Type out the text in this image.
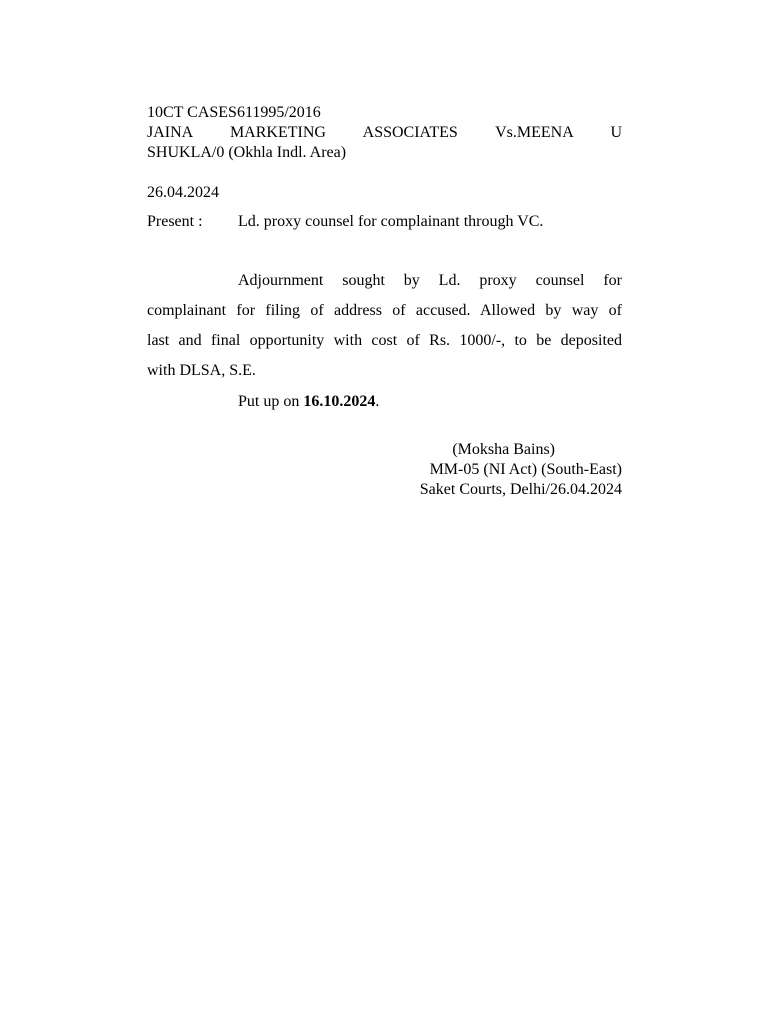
10CT CASES611995/2016
JAINA MARKETING ASSOCIATES Vs.MEENA U
SHUKLA/0 (Okhla Indl. Area)
26.04.2024
Present : Ld. proxy counsel for complainant through VC.
Adjournment sought by Ld. proxy counsel for
complainant for filing of address of accused. Allowed by way of
last and final opportunity with cost of Rs. 1000/-, to be deposited
with DLSA, S.E.
Put up on 16.10.2024.
(Moksha Bains)
MM-05 (NI Act) (South-East)
Saket Courts, Delhi/26.04.2024
